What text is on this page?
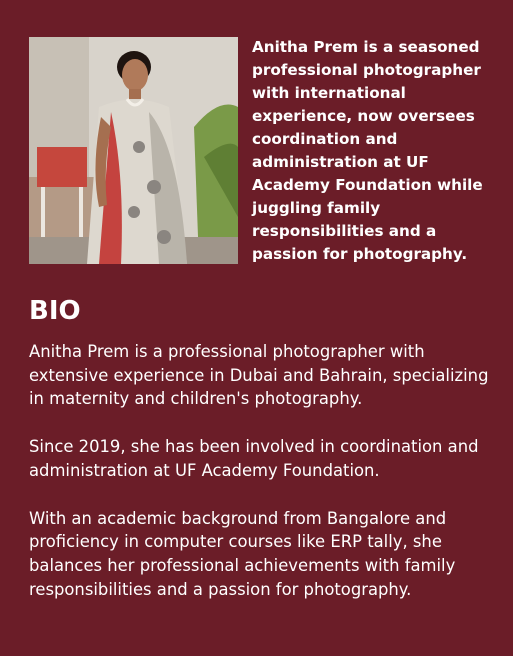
Anitha Prem is a seasoned professional photographer with international experience, now oversees coordination and administration at UF Academy Foundation while juggling family responsibilities and a passion for photography.
BIO

Anitha Prem is a professional photographer with extensive experience in Dubai and Bahrain, specializing in maternity and children's photography.

Since 2019, she has been involved in coordination and administration at UF Academy Foundation.

With an academic background from Bangalore and proficiency in computer courses like ERP tally, she balances her professional achievements with family responsibilities and a passion for photography.
